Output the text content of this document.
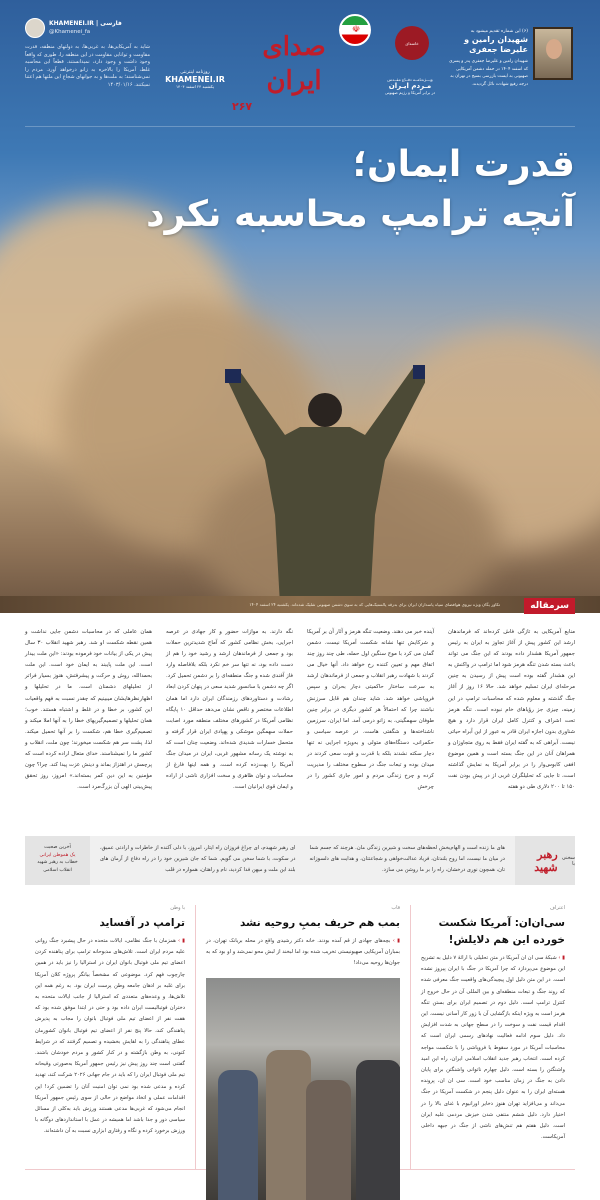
KHAMENEI.IR | فارسی
@Khamenei_fa
شاید به آمریکایی‌ها، به غربی‌ها، به دولتهای منطقه، قدرت مقاومت و توانایی مقاومت در این منطقه را، طوری که واقعاً وجود داشت و وجود دارد، نمیدانستند. قطعاً این محاسبه غلط، آمریکا را بالاخره به زانو درخواهد آورد. مردم را نمی‌شناسند؛ به ملت‌ها و به جوانهای شجاع این ملتها هم اعتنا نمیکنند. ۱۴۰۳/۰۱/۱۶
روزنامه اینترنتی
KHAMENEI.IR
یکشنبه ۲۴ اسفند ۱۴۰۴
صدای ایران
۲۶۷
☫
خامنه‌ای
ویـــژه‌نامــه‌ دفــاع مقــدس
مـردم ایـران
در برابر آمریکا و رژیم صهیونی
(۶) این شماره تقدیم میشود به
شهیدان رامین و علیرضا جعفری
شهیدان رامین و علیرضا جعفری پدر و پسری که اسفند ۱۴۰۴ در حمله دشمن آمریکایی صهیونی به ایست بازرسی بسیج در تهران به درجه رفیع شهادت نائل گردیدند.
قدرت ایمان؛
آنچه ترامپ محاسبه نکرد
تکاور یگان ویژه نیروی هوافضای سپاه پاسداران ایران برای بدرقه پالستیک‌هایی که به سوی دشمن صهیونی شلیک شده‌اند. یکشنبه ۲۴ اسفند ۱۴۰۴	سرمقاله
منابع آمریکایی به تازگی فاش کرده‌اند که فرماندهان ارشد این کشور پیش از آغاز تجاوز به ایران به رئیس جمهور آمریکا هشدار داده بودند که این جنگ می تواند باعث بسته شدن تنگه هرمز شود اما ترامپ در واکنش به این هشدار گفته بوده است پیش از رسیدن به چنین مرحله‌ای ایران تسلیم خواهد شد. حالا ۱۶ روز از آغاز جنگ گذشته و معلوم شده که محاسبات ترامپ در این زمینه، چیزی جز رؤیاهای خام نبوده است. تنگه هرمز تحت اشراف و کنترل کامل ایران قرار دارد و هیچ شناوری بدون اجازه ایران قادر به عبور از این آبراه حیاتی نیست. آبراهی که به گفته ایران فقط به روی متجاوزان و همراهان آنان در این جنگ بسته است و همین موضوع افقی کابوس‌وار را در برابر آمریکا به نمایش گذاشته است، تا جایی که تحلیلگران غربی از در پیش بودن نفت ۱۵۰ تا ۲۰۰ دلاری طی دو هفته
آینده خبر می دهند. وضعیت تنگه هرمز و آثار آن بر آمریکا و شرکایش تنها نشانه شکست آمریکا نیست. دشمن گمان می کرد با موج سنگین اول حمله، طی چند روز چند اتفاق مهم و تعیین کننده رخ خواهد داد. آنها خیال می کردند با شهادت رهبر انقلاب و جمعی از فرماندهان ارشد به سرعت ساختار حاکمیتی دچار بحران و سپس فروپاشی خواهد شد. شاید چندان هم قابل سرزنش نباشند چرا که احتمالاً هر کشور دیگری در برابر چنین طوفان سهمگینی، به زانو درمی آمد. اما ایران، سرزمین ناشناخته‌ها و شگفتی هاست. در عرصه سیاسی و حکمرانی، دستگاه‌های متولی و به‌ویژه اجرایی نه تنها دچار سکته نشدند بلکه با قدرت و قوت سعی کردند در میدان بوده و تبعات جنگ در سطوح مختلف را مدیریت کرده و چرخ زندگی مردم و امور جاری کشور را در چرخش
نگه دارند. به موازات حضور و کار جهادی در عرصه اجرایی، بخش نظامی کشور که آماج شدیدترین حملات بود و جمعی از فرماندهان ارشد و رشید خود را هم از دست داده بود، نه تنها سر خم نکرد بلکه بلافاصله وارد فاز آفندی شده و جنگ منطقه‌ای را بر دشمن تحمیل کرد. اگر چه دشمن با سانسور شدید سعی در پنهان کردن ابعاد رشادت و دستاوردهای رزمندگان ایران دارد اما همان اطلاعات مختصر و ناقص نشان می‌دهد حداقل ۱۰ پایگاه نظامی آمریکا در کشورهای مختلف منطقه مورد اصابت حملات سهمگین موشکی و پهپادی ایران قرار گرفته و متحمل خسارات شدیدی شده‌اند. وضعیت چنان است که به نوشته یک رسانه مشهور غربی، ایران در میدان جنگ آمریکا را بهت‌زده کرده است. و همه اینها فارغ از محاسبات و توان ظاهری و سخت افزاری ناشی از اراده و ایمان قوی ایرانیان است.
همان عاملی که در محاسبات دشمن جایی نداشت و همین نقطه شکست او شد. رهبر شهید انقلاب ۳۰ سال پیش در یکی از بیانات خود فرموده بودند: «این ملت بیدار است. این ملت پایبند به ایمان خود است. این ملت بحمدالله، روش و حرکت و پیشرفتش، هنوز بسیار فراتر از تحلیلهای دشمنان است. ما در تحلیلها و اظهارنظرهایشان میبینیم که چقدر نسبت به فهم واقعیات این کشور، بر خطا و در غلط و اشتباه هستند. خوب؛ همان تحلیلها و تصمیم‌گیریهای خطا را به آنها املا میکند و تصمیم‌گیری خطا هم، شکست را بر آنها تحمیل میکند. لذا، پشت سر هم شکست میخورند؛ چون ملت، انقلاب و کشور ما را نمیشناسند. خدای متعال اراده کرده است که پرچمش در اهتزاز بماند و دینش عزت پیدا کند. چرا؟ چون مؤمنین به این دین کمر بسته‌اند.» امروز، روز تحقق پیش‌بینی الهی آن بزرگ‌مرد است.
سخنی با

رهبر شهید
ای رهبر شهیدم، ای چراغ فروزان راه ایثار، امروز، با دلی آکنده از خاطرات و ارادتی عمیق، در سکوت، با شما سخن می گویم. شما که جان شیرین خود را در راه دفاع از آرمان های بلند این ملت و میهن فدا کردید، نام و راهتان، همواره در قلب
های ما زنده است و الهام‌بخش لحظه‌های سخت و شیرین زندگی مان. هرچند که جسم شما در میان ما نیست، اما روح بلندتان، فریاد عدالت‌خواهی و شجاعتتان، و هدایت های دلسوزانه تان، همچون نوری درخشان، راه را بر ما روشن می سازد.
آخرین صحبت
یک هموطن ایرانی
خطاب به رهبر شهید
انقلاب اسلامی
اعتراف
سی‌ان‌ان: آمریکا شکست خورده این هم دلایلش!
▮ › شبکهٔ سی ان ان آمریکا در متن تحلیلی با ارائهٔ ۷ دلیل به تشریح این موضوع می‌پردازد که چرا آمریکا در جنگ با ایران پیروز نشده است. در این متن دلیل اول پیچیدگی‌های واقعیت جنگ معرفی شده که روند جنگ و تبعات منطقه‌ای و بین المللی آن در حال خروج از کنترل ترامپ است. دلیل دوم در تصمیم ایران برای بستن تنگه هرمز است به ویژه اینکه بازگشایی آن با زور کار آسانی نیست. این اقدام قیمت نفت و سوخت را در سطح جهانی به شدت افزایش داد. دلیل سوم ادامه فعالیت نهادهای رسمی ایران است که محاسبات آمریکا در مورد سقوط یا فروپاشی را با شکست مواجه کرده است. انتخاب رهبر جدید انقلاب اسلامی ایران، راه این امید واشنگتن را بسته است. دلیل چهارم ناتوانی واشنگتن برای پایان دادن به جنگ در زمان مناسب خود است. سی ان ان، پرونده هسته‌ای ایران را به عنوان دلیل پنجم در شکست آمریکا در جنگ می‌داند و می‌افزاید تهران هنوز ذخایر اورانیوم با غنای بالا را در اختیار دارد. دلیل ششم منتفی شدن خیزش مردمی علیه ایران است. دلیل هفتم هم تنش‌های ناشی از جنگ در جبهه داخلی آمریکاست.
قاب
بمب هم حریف بمبِ روحیه نشد
▮ › بچه‌های جهادی از قم آمده بودند. خانه دکتر رشیدی واقع در محله بریانک تهران، در بمباران آمریکایی صهیونیستی تخریب شده بود اما لبخند از لبش محو نمی‌شد و او بود که به جوان‌ها روحیه می‌داد!
با وطن
ترامپ در آفساید
▮ › همزمان با جنگ نظامی، ایالات متحده در حال پیشبرد جنگ روانی علیه مردم ایران است. تلاش‌های مذبوحانه ترامپ برای پناهنده کردن اعضای تیم ملی فوتبال بانوان ایران در استرالیا را نیز باید در همین چارچوب فهم کرد. موضوعی که مشخصاً بیانگر پروژه کلان آمریکا برای غلبه بر اذهان جامعه وطن پرست ایران بود. به رغم همه این تلاش‌ها، و وعده‌های متعددی که استرالیا از جانب ایالات متحده به دختران فوتبالیست ایران داده بود و حتی در ابتدا موفق شده بود که هفت نفر از اعضای تیم ملی فوتبال بانوان را مجاب به پذیرش پناهندگی کند، حالا پنج نفر از اعضای تیم فوتبال بانوان کشورمان عطای پناهندگی را به لقایش بخشیده و تصمیم گرفتند که در شرایط کنونی، به وطن بازگشته و در کنار کشور و مردم خودشان باشند. گفتنی است چند روز پیش نیز رئیس جمهور آمریکا به‌صورتی وقیحانه تیم ملی فوتبال ایران را که باید در جام جهانی ۲۰۲۶ شرکت کند، تهدید کرده و مدعی شده بود نمی توان امنیت آنان را تضمین کرد! این اقدامات عملی و اتخاذ مواضع در حالی از سوی رئیس جمهور آمریکا انجام می‌شود که غربی‌ها مدعی هستند ورزش باید به‌کلی از مسائل سیاسی دور و جدا باشد اما همیشه در عمل با استانداردهای دوگانه با ورزش برخورد کرده و نگاه و رفتاری ابزاری نسبت به آن داشته‌اند.
